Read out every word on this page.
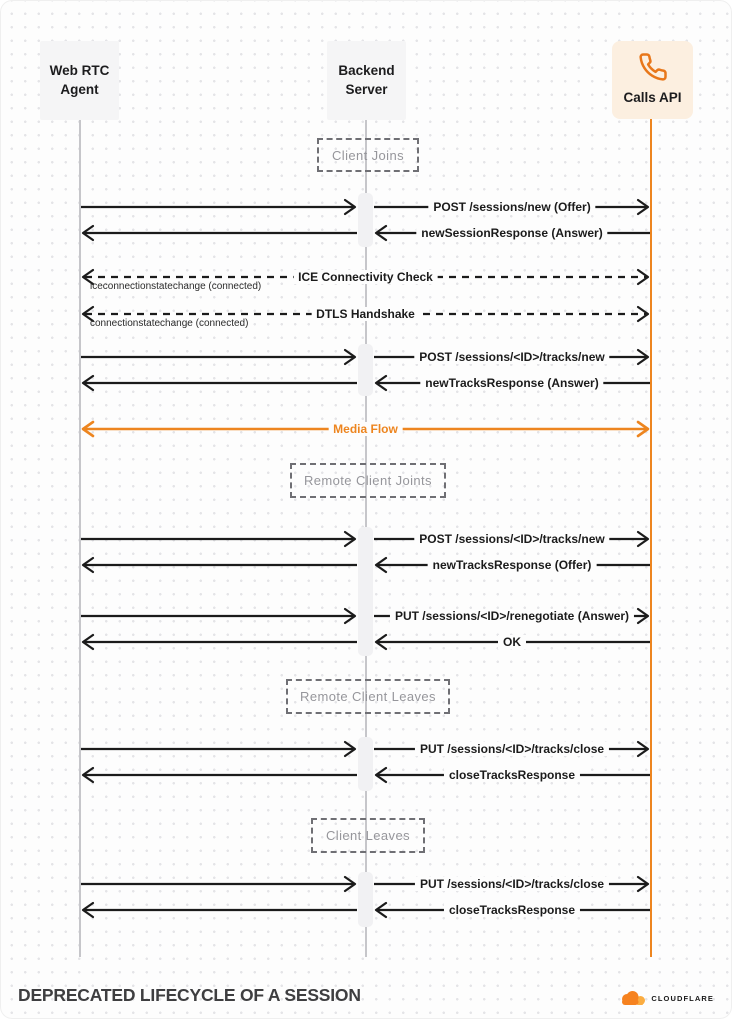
Web RTC
Agent
Backend
Server
Calls API
DEPRECATED LIFECYCLE OF A SESSION	CLOUDFLARE
Client Joins
Remote Client Joints
Remote Client Leaves
Client Leaves
POST /sessions/new (Offer)
newSessionResponse (Answer)
ICE Connectivity Check
iceconnectionstatechange (connected)
DTLS Handshake
connectionstatechange (connected)
POST /sessions/<ID>/tracks/new
newTracksResponse (Answer)
Media Flow
POST /sessions/<ID>/tracks/new
newTracksResponse (Offer)
PUT /sessions/<ID>/renegotiate (Answer)
OK
PUT /sessions/<ID>/tracks/close
closeTracksResponse
PUT /sessions/<ID>/tracks/close
closeTracksResponse
